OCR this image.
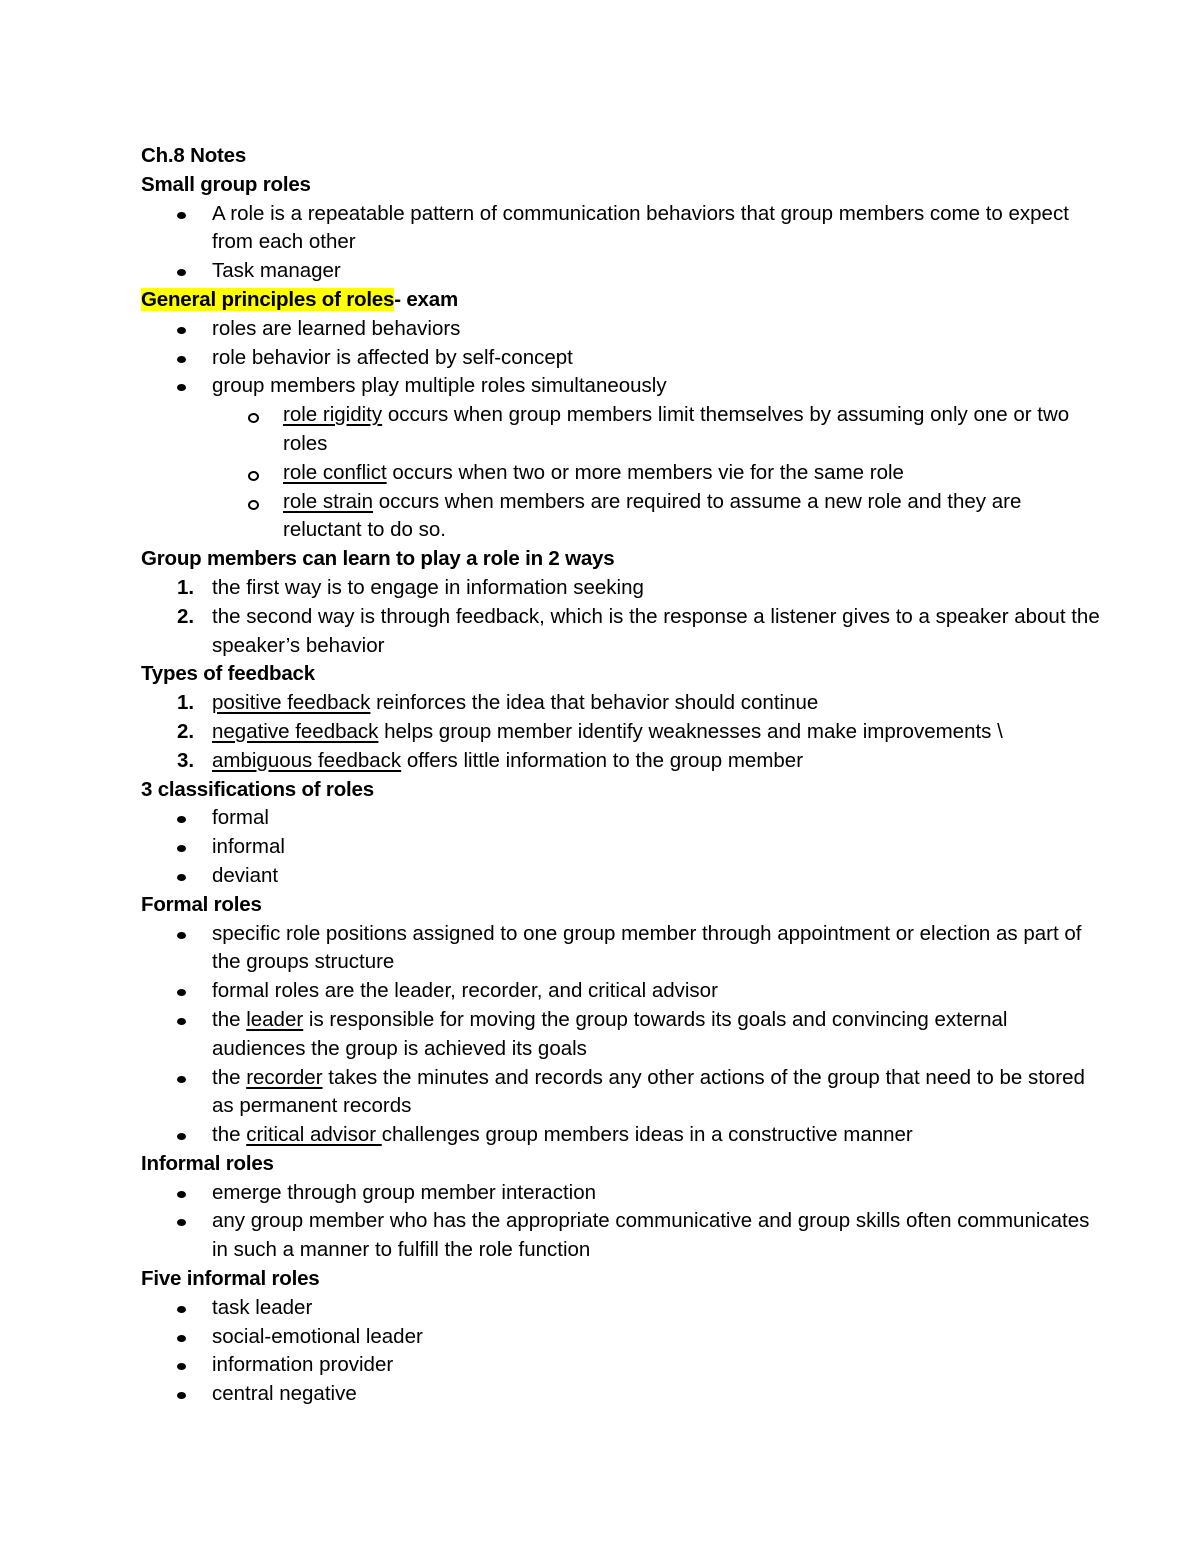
Ch.8 Notes
Small group roles
A role is a repeatable pattern of communication behaviors that group members come to expect from each other
Task manager
General principles of roles- exam
roles are learned behaviors
role behavior is affected by self-concept
group members play multiple roles simultaneously
role rigidity occurs when group members limit themselves by assuming only one or two roles
role conflict occurs when two or more members vie for the same role
role strain occurs when members are required to assume a new role and they are reluctant to do so.
Group members can learn to play a role in 2 ways
1. the first way is to engage in information seeking
2. the second way is through feedback, which is the response a listener gives to a speaker about the speaker’s behavior
Types of feedback
1. positive feedback reinforces the idea that behavior should continue
2. negative feedback helps group member identify weaknesses and make improvements \
3. ambiguous feedback offers little information to the group member
3 classifications of roles
formal
informal
deviant
Formal roles
specific role positions assigned to one group member through appointment or election as part of the groups structure
formal roles are the leader, recorder, and critical advisor
the leader is responsible for moving the group towards its goals and convincing external audiences the group is achieved its goals
the recorder takes the minutes and records any other actions of the group that need to be stored as permanent records
the critical advisor challenges group members ideas in a constructive manner
Informal roles
emerge through group member interaction
any group member who has the appropriate communicative and group skills often communicates in such a manner to fulfill the role function
Five informal roles
task leader
social-emotional leader
information provider
central negative
